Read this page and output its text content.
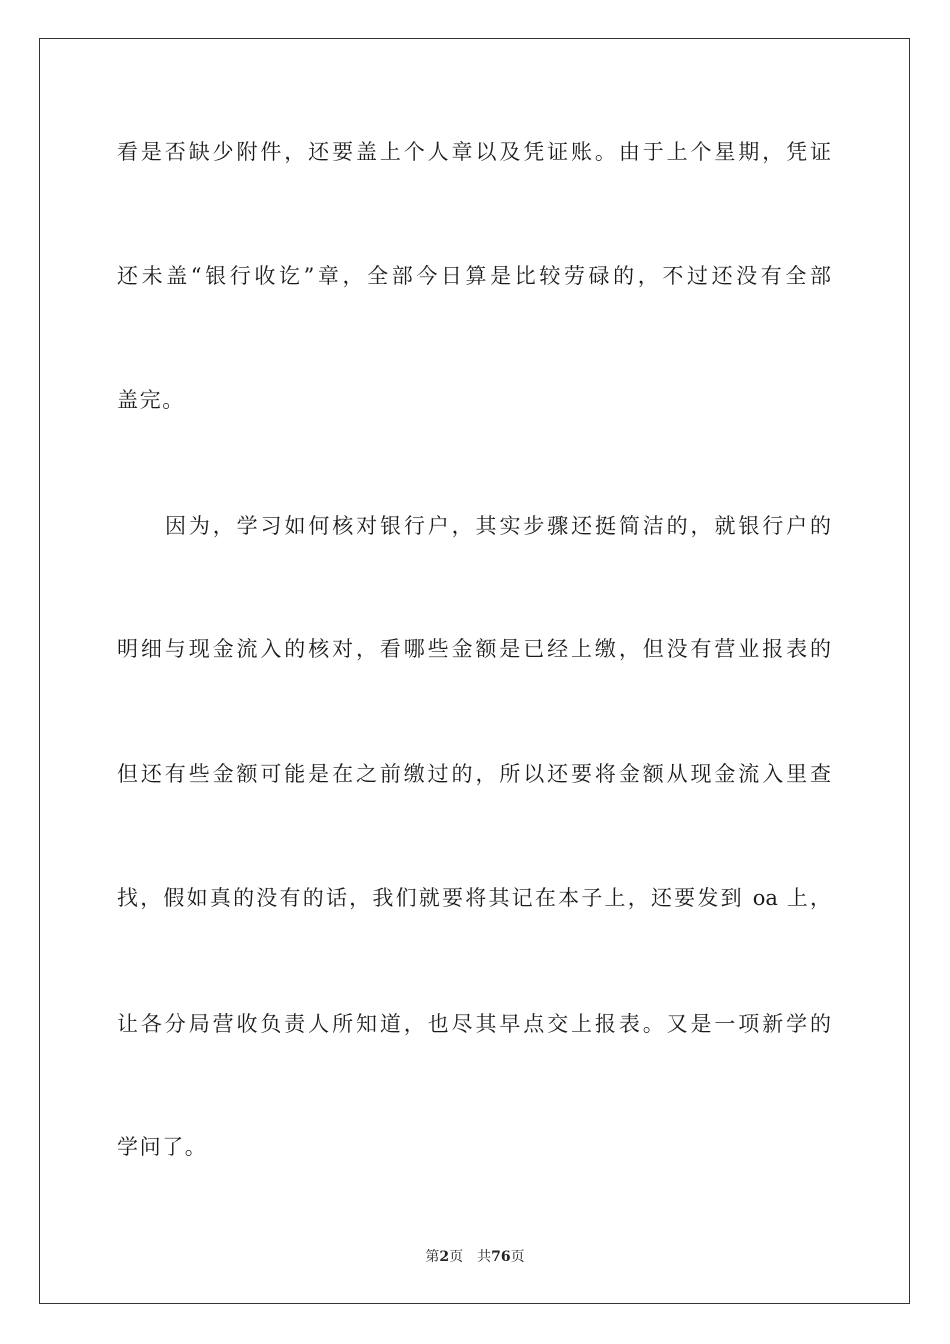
看是否缺少附件，还要盖上个人章以及凭证账。由于上个星期，凭证
还未盖“银行收讫”章，全部今日算是比较劳碌的，不过还没有全部
盖完。
因为，学习如何核对银行户，其实步骤还挺简洁的，就银行户的
明细与现金流入的核对，看哪些金额是已经上缴，但没有营业报表的
但还有些金额可能是在之前缴过的，所以还要将金额从现金流入里查
找，假如真的没有的话，我们就要将其记在本子上，还要发到 oa 上，
让各分局营收负责人所知道，也尽其早点交上报表。又是一项新学的
学问了。
第2页 共76页
